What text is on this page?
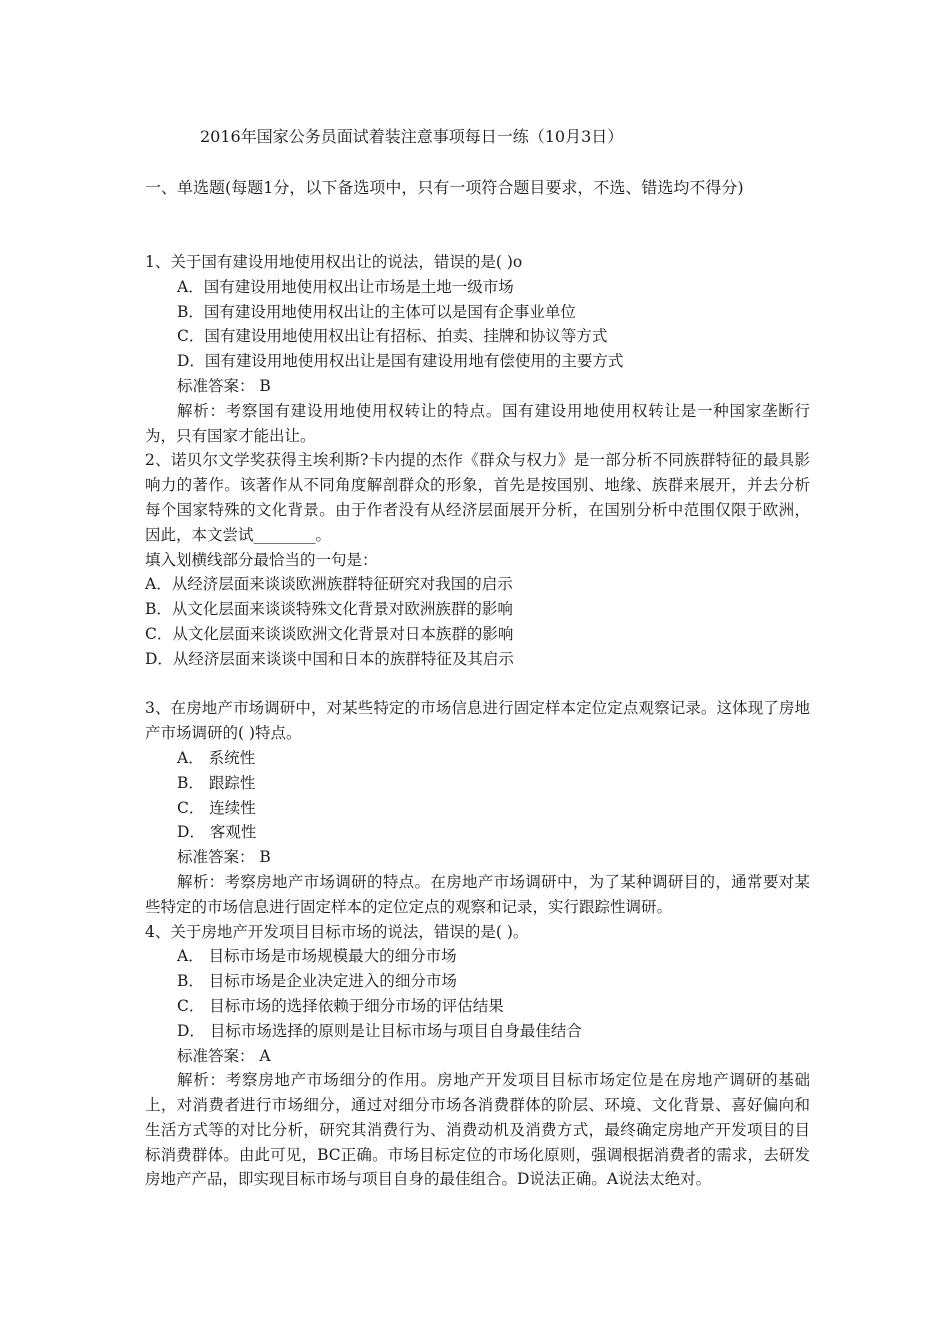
2016年国家公务员面试着装注意事项每日一练（10月3日）
一、单选题(每题1分，以下备选项中，只有一项符合题目要求，不选、错选均不得分)
1、关于国有建设用地使用权出让的说法，错误的是( )o
A．国有建设用地使用权出让市场是土地一级市场
B．国有建设用地使用权出让的主体可以是国有企事业单位
C．国有建设用地使用权出让有招标、拍卖、挂牌和协议等方式
D．国有建设用地使用权出让是国有建设用地有偿使用的主要方式
标准答案： B
解析：考察国有建设用地使用权转让的特点。国有建设用地使用权转让是一种国家垄断行为，只有国家才能出让。
2、诺贝尔文学奖获得主埃利斯?卡内提的杰作《群众与权力》是一部分析不同族群特征的最具影响力的著作。该著作从不同角度解剖群众的形象，首先是按国别、地缘、族群来展开，并去分析每个国家特殊的文化背景。由于作者没有从经济层面展开分析，在国别分析中范围仅限于欧洲，因此，本文尝试________。
填入划横线部分最恰当的一句是：
A．从经济层面来谈谈欧洲族群特征研究对我国的启示
B．从文化层面来谈谈特殊文化背景对欧洲族群的影响
C．从文化层面来谈谈欧洲文化背景对日本族群的影响
D．从经济层面来谈谈中国和日本的族群特征及其启示
3、在房地产市场调研中，对某些特定的市场信息进行固定样本定位定点观察记录。这体现了房地产市场调研的( )特点。
A． 系统性
B． 跟踪性
C． 连续性
D． 客观性
标准答案： B
解析：考察房地产市场调研的特点。在房地产市场调研中，为了某种调研目的，通常要对某些特定的市场信息进行固定样本的定位定点的观察和记录，实行跟踪性调研。
4、关于房地产开发项目目标市场的说法，错误的是( )。
A． 目标市场是市场规模最大的细分市场
B． 目标市场是企业决定进入的细分市场
C． 目标市场的选择依赖于细分市场的评估结果
D． 目标市场选择的原则是让目标市场与项目自身最佳结合
标准答案： A
解析：考察房地产市场细分的作用。房地产开发项目目标市场定位是在房地产调研的基础上，对消费者进行市场细分，通过对细分市场各消费群体的阶层、环境、文化背景、喜好偏向和生活方式等的对比分析，研究其消费行为、消费动机及消费方式，最终确定房地产开发项目的目标消费群体。由此可见，BC正确。市场目标定位的市场化原则，强调根据消费者的需求，去研发房地产产品，即实现目标市场与项目自身的最佳组合。D说法正确。A说法太绝对。
